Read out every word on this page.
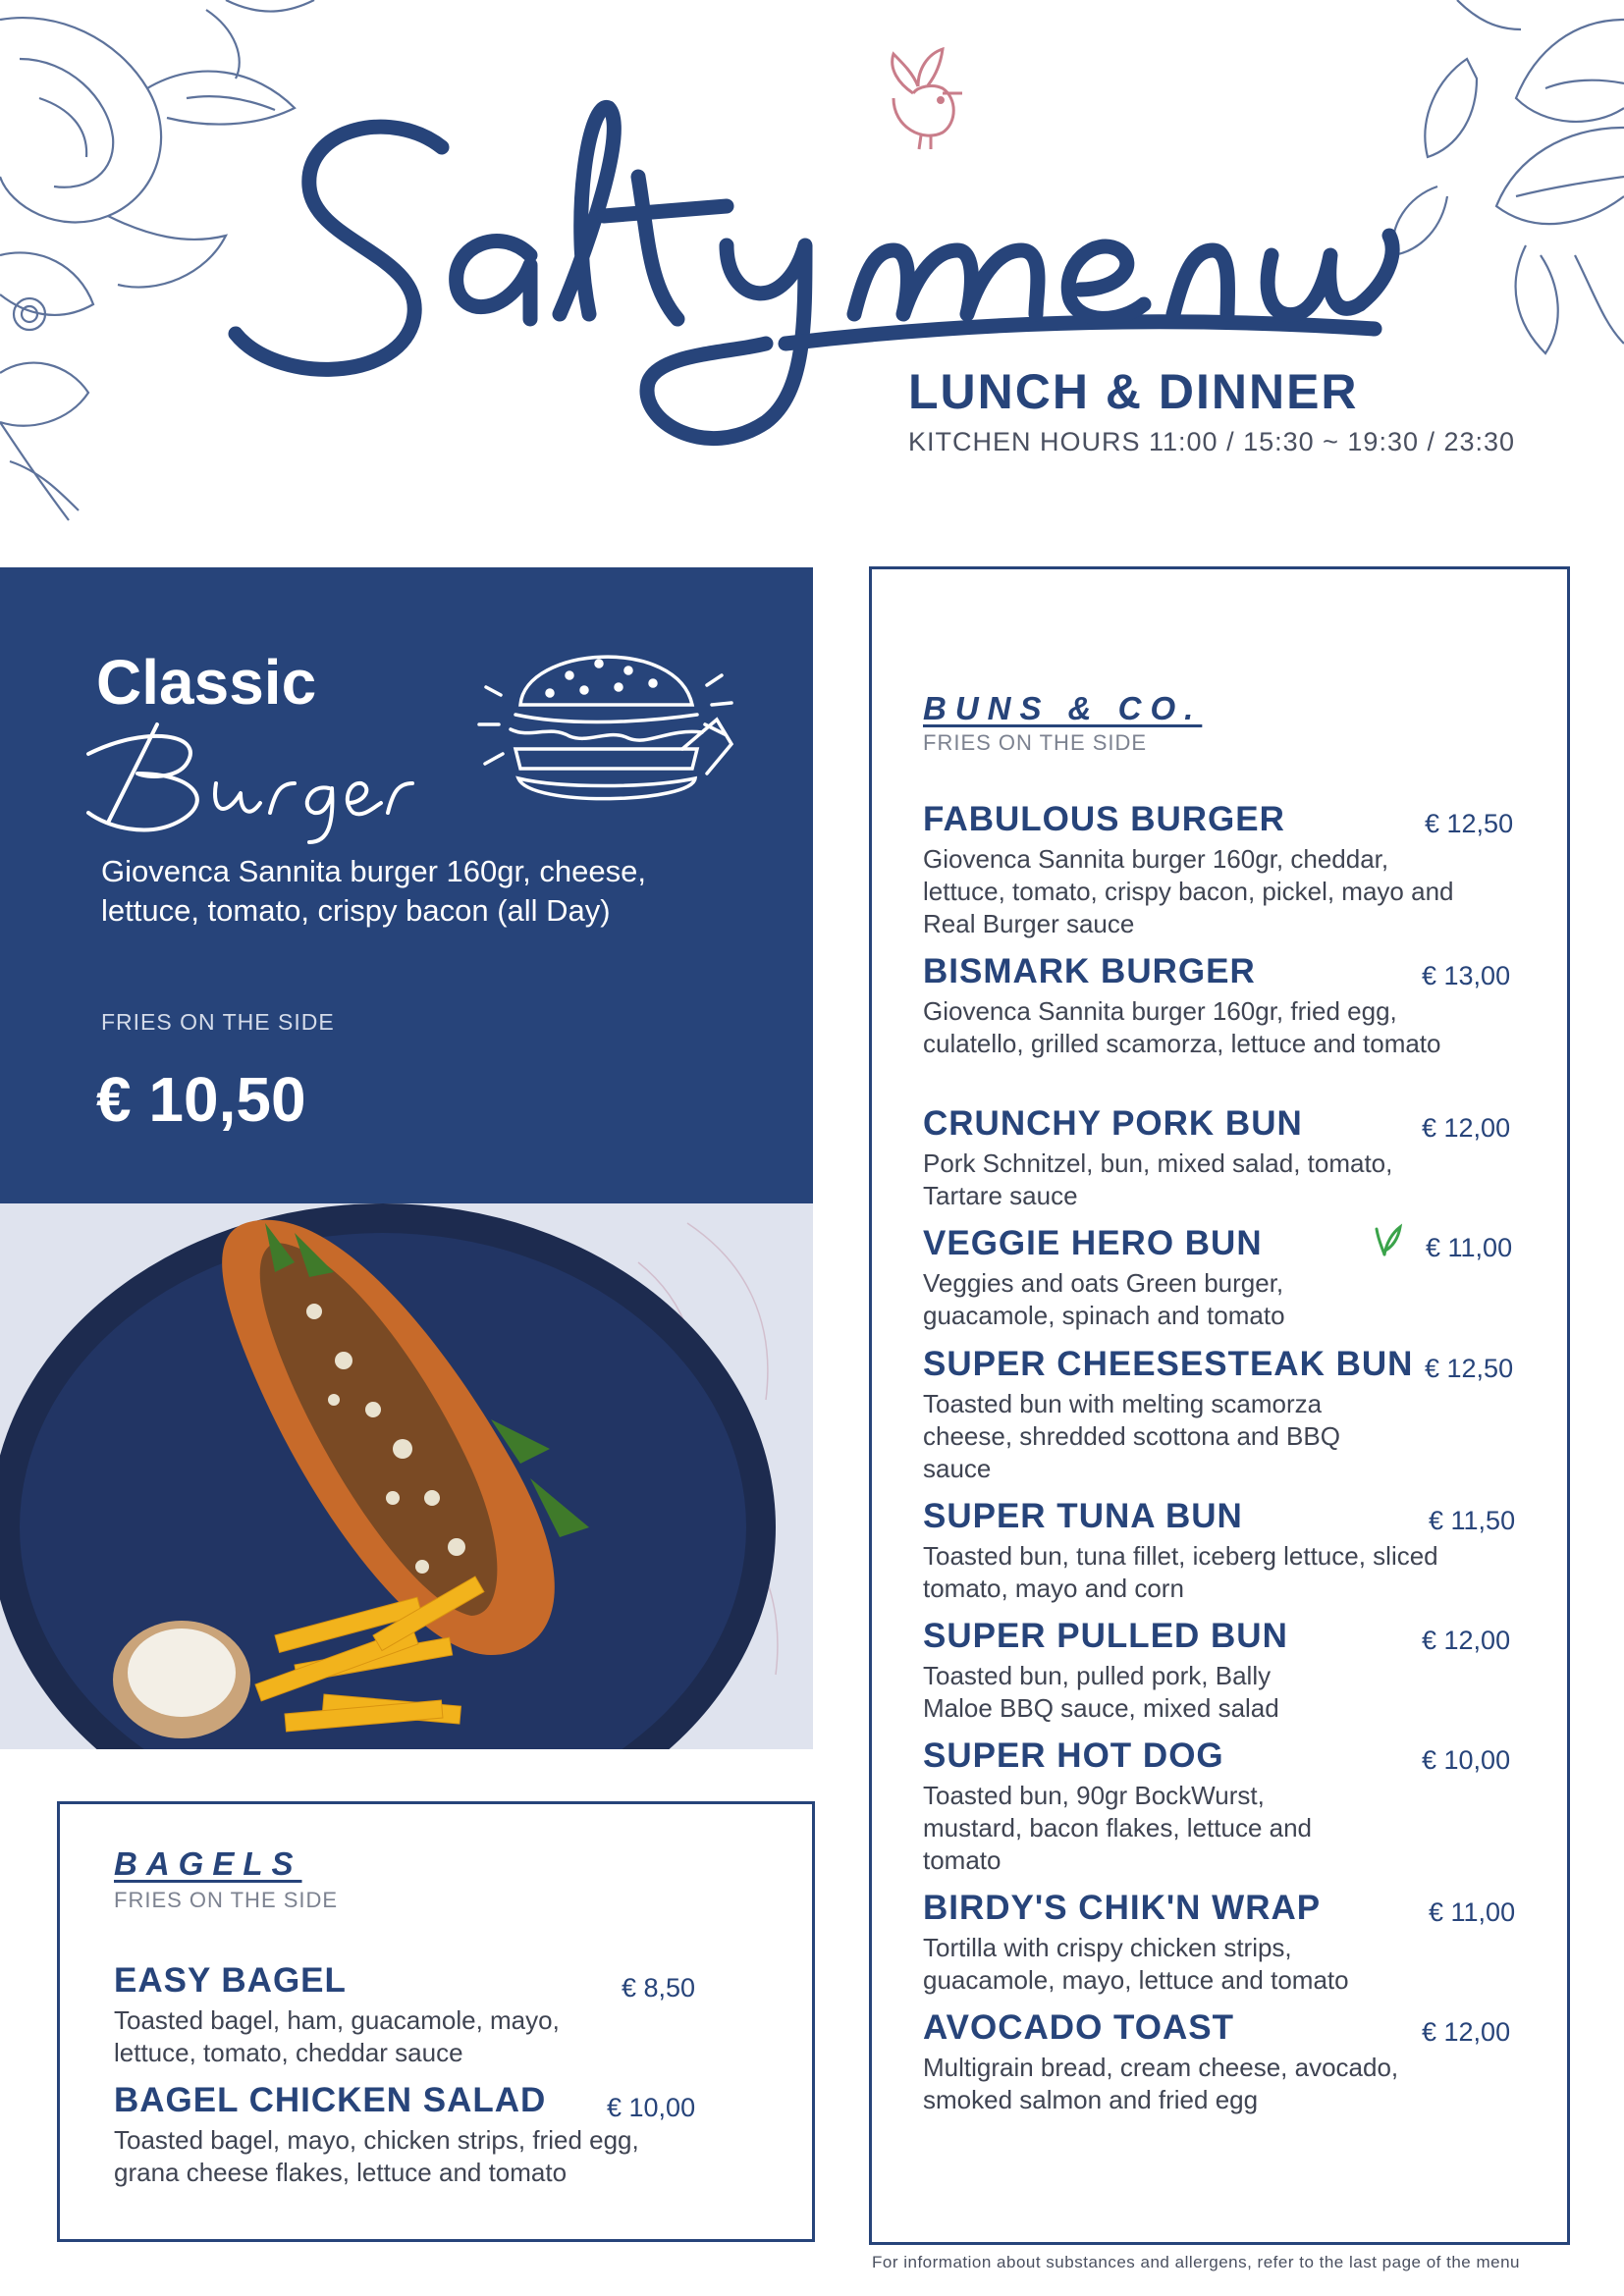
LUNCH & DINNER
KITCHEN HOURS 11:00 / 15:30 ~ 19:30 / 23:30
Classic
Burger
Giovenca Sannita burger 160gr, cheese, lettuce, tomato, crispy bacon (all Day)
FRIES ON THE SIDE
€ 10,50
BAGELS
FRIES ON THE SIDE
EASY BAGEL
Toasted bagel, ham, guacamole, mayo, lettuce, tomato, cheddar sauce
€ 8,50
BAGEL CHICKEN SALAD
Toasted bagel, mayo, chicken strips, fried egg, grana cheese flakes, lettuce and tomato
€ 10,00
BUNS & CO.
FRIES ON THE SIDE
FABULOUS BURGER
Giovenca Sannita burger 160gr, cheddar, lettuce, tomato, crispy bacon, pickel, mayo and Real Burger sauce
€ 12,50
BISMARK BURGER
Giovenca Sannita burger 160gr, fried egg, culatello, grilled scamorza, lettuce and tomato
€ 13,00
CRUNCHY PORK BUN
Pork Schnitzel, bun, mixed salad, tomato, Tartare sauce
€ 12,00
VEGGIE HERO BUN
Veggies and oats Green burger, guacamole, spinach and tomato
€ 11,00
SUPER CHEESESTEAK BUN
Toasted bun with melting scamorza cheese, shredded scottona and BBQ sauce
€ 12,50
SUPER TUNA BUN
Toasted bun, tuna fillet, iceberg lettuce, sliced tomato, mayo and corn
€ 11,50
SUPER PULLED BUN
Toasted bun, pulled pork, Bally Maloe BBQ sauce, mixed salad
€ 12,00
SUPER HOT DOG
Toasted bun, 90gr BockWurst, mustard, bacon flakes, lettuce and tomato
€ 10,00
BIRDY'S CHIK'N WRAP
Tortilla with crispy chicken strips, guacamole, mayo, lettuce and tomato
€ 11,00
AVOCADO TOAST
Multigrain bread, cream cheese, avocado, smoked salmon and fried egg
€ 12,00
For information about substances and allergens, refer to the last page of the menu
